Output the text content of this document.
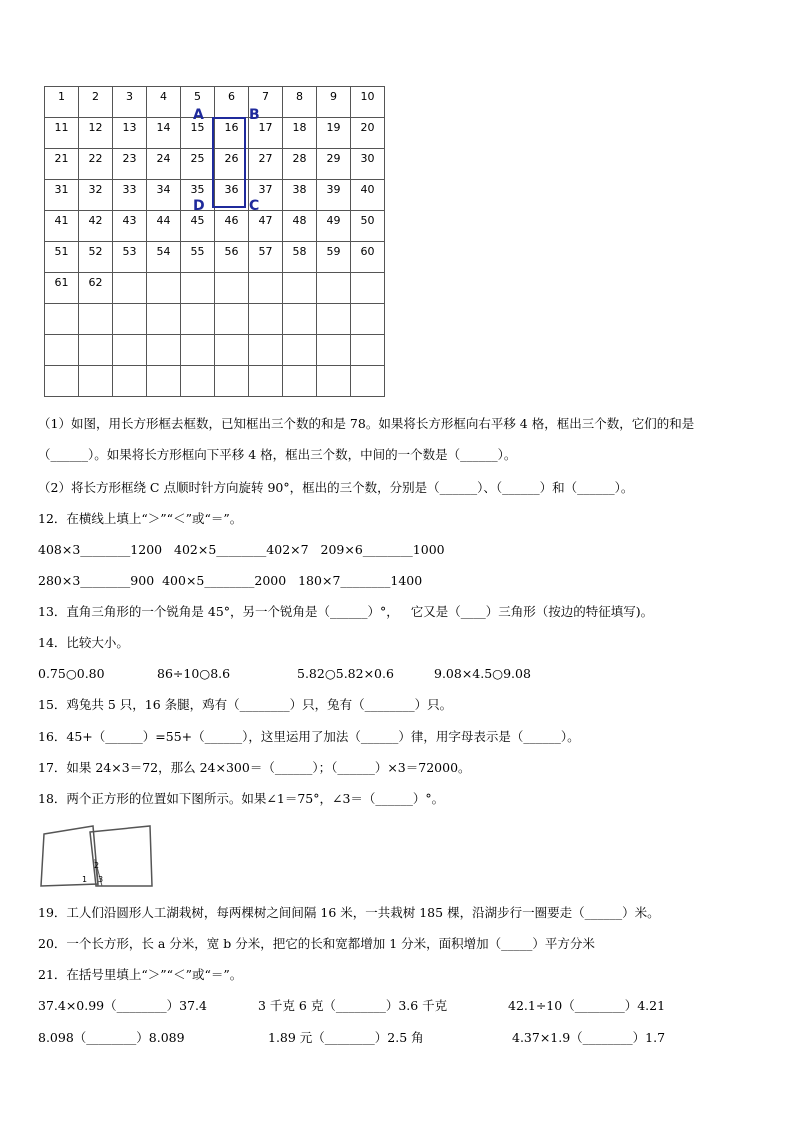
1	2	3	4	5	6	7	8	9	10
11	12	13	14	15	16	17	18	19	20
21	22	23	24	25	26	27	28	29	30
31	32	33	34	35	36	37	38	39	40
41	42	43	44	45	46	47	48	49	50
51	52	53	54	55	56	57	58	59	60
61	62								

A	B
D	C
（1）如图，用长方形框去框数，已知框出三个数的和是 78。如果将长方形框向右平移 4 格，框出三个数，它们的和是（______）。如果将长方形框向下平移 4 格，框出三个数，中间的一个数是（______）。
（2）将长方形框绕 C 点顺时针方向旋转 90°，框出的三个数，分别是（______）、（______）和（______）。
12．在横线上填上“＞”“＜”或“＝”。
408×3________1200   402×5________402×7   209×6________1000
280×3________900  400×5________2000   180×7________1400
13．直角三角形的一个锐角是 45°，另一个锐角是（______）°，   它又是（____）三角形（按边的特征填写)。
14．比较大小。
0.75○0.80	86÷10○8.6	5.82○5.82×0.6	9.08×4.5○9.08
15．鸡兔共 5 只，16 条腿，鸡有（________）只，兔有（________）只。
16．45+（______）=55+（______），这里运用了加法（______）律，用字母表示是（______）。
17．如果 24×3＝72，那么 24×300＝（______）；（______）×3＝72000。
18．两个正方形的位置如下图所示。如果∠1＝75°，∠3＝（______）°。
1
2
3
19．工人们沿圆形人工湖栽树，每两棵树之间间隔 16 米，一共栽树 185 棵，沿湖步行一圈要走（______）米。
20．一个长方形，长 a 分米，宽 b 分米，把它的长和宽都增加 1 分米，面积增加（_____）平方分米
21．在括号里填上“＞”“＜”或“＝”。
37.4×0.99（________）37.4	3 千克 6 克（________）3.6 千克	42.1÷10（________）4.21
8.098（________）8.089	1.89 元（________）2.5 角	4.37×1.9（________）1.7
